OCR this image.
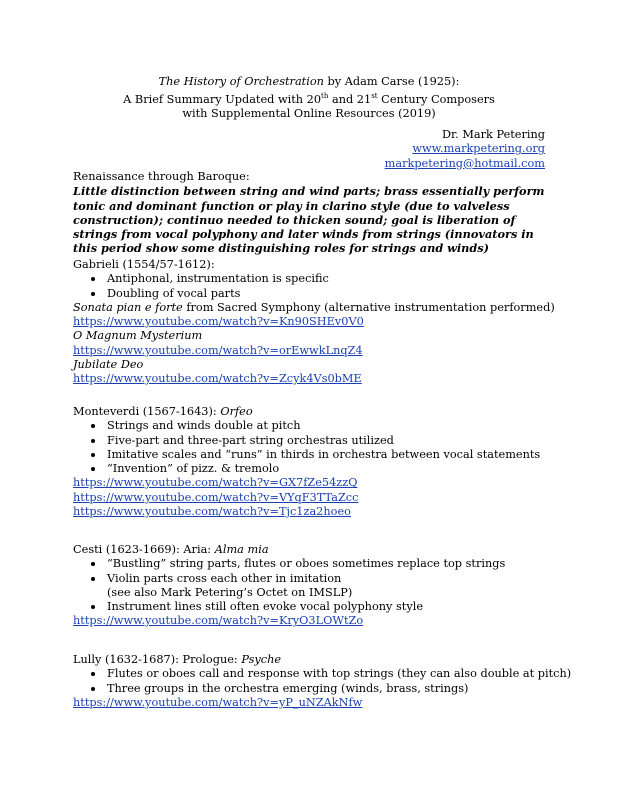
The History of Orchestration by Adam Carse (1925):
A Brief Summary Updated with 20th and 21st Century Composers
with Supplemental Online Resources (2019)
Dr. Mark Petering
www.markpetering.org
markpetering@hotmail.com
Renaissance through Baroque:
Little distinction between string and wind parts; brass essentially perform tonic and dominant function or play in clarino style (due to valveless construction); continuo needed to thicken sound; goal is liberation of strings from vocal polyphony and later winds from strings (innovators in this period show some distinguishing roles for strings and winds)
Gabrieli (1554/57-1612):
Antiphonal, instrumentation is specific
Doubling of vocal parts
Sonata pian e forte from Sacred Symphony (alternative instrumentation performed)
https://www.youtube.com/watch?v=Kn90SHEv0V0
O Magnum Mysterium
https://www.youtube.com/watch?v=orEwwkLnqZ4
Jubilate Deo
https://www.youtube.com/watch?v=Zcyk4Vs0bME
Monteverdi (1567-1643): Orfeo
Strings and winds double at pitch
Five-part and three-part string orchestras utilized
Imitative scales and “runs” in thirds in orchestra between vocal statements
“Invention” of pizz. & tremolo
https://www.youtube.com/watch?v=GX7fZe54zzQ
https://www.youtube.com/watch?v=VYqF3TTaZcc
https://www.youtube.com/watch?v=Tjc1za2hoeo
Cesti (1623-1669): Aria: Alma mia
“Bustling” string parts, flutes or oboes sometimes replace top strings
Violin parts cross each other in imitation
(see also Mark Petering’s Octet on IMSLP)
Instrument lines still often evoke vocal polyphony style
https://www.youtube.com/watch?v=KryO3LOWtZo
Lully (1632-1687): Prologue: Psyche
Flutes or oboes call and response with top strings (they can also double at pitch)
Three groups in the orchestra emerging (winds, brass, strings)
https://www.youtube.com/watch?v=yP_uNZAkNfw
